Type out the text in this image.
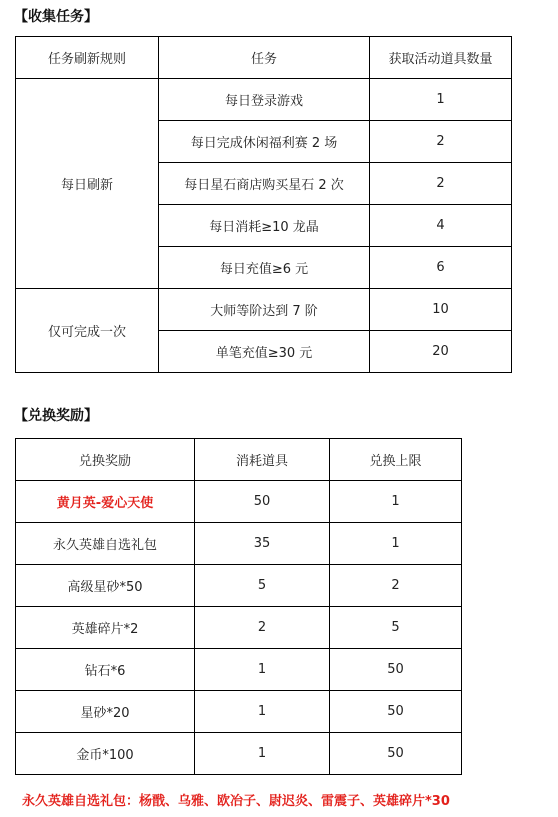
【收集任务】
任务刷新规则	任务	获取活动道具数量
每日刷新	每日登录游戏	1
	每日完成休闲福利赛 2 场	2
	每日星石商店购买星石 2 次	2
	每日消耗≥10 龙晶	4
	每日充值≥6 元	6
仅可完成一次	大师等阶达到 7 阶	10
	单笔充值≥30 元	20
【兑换奖励】
兑换奖励	消耗道具	兑换上限
黄月英-爱心天使	50	1
永久英雄自选礼包	35	1
高级星砂*50	5	2
英雄碎片*2	2	5
钻石*6	1	50
星砂*20	1	50
金币*100	1	50
永久英雄自选礼包：杨戬、乌雅、欧冶子、尉迟炎、雷震子、英雄碎片*30
